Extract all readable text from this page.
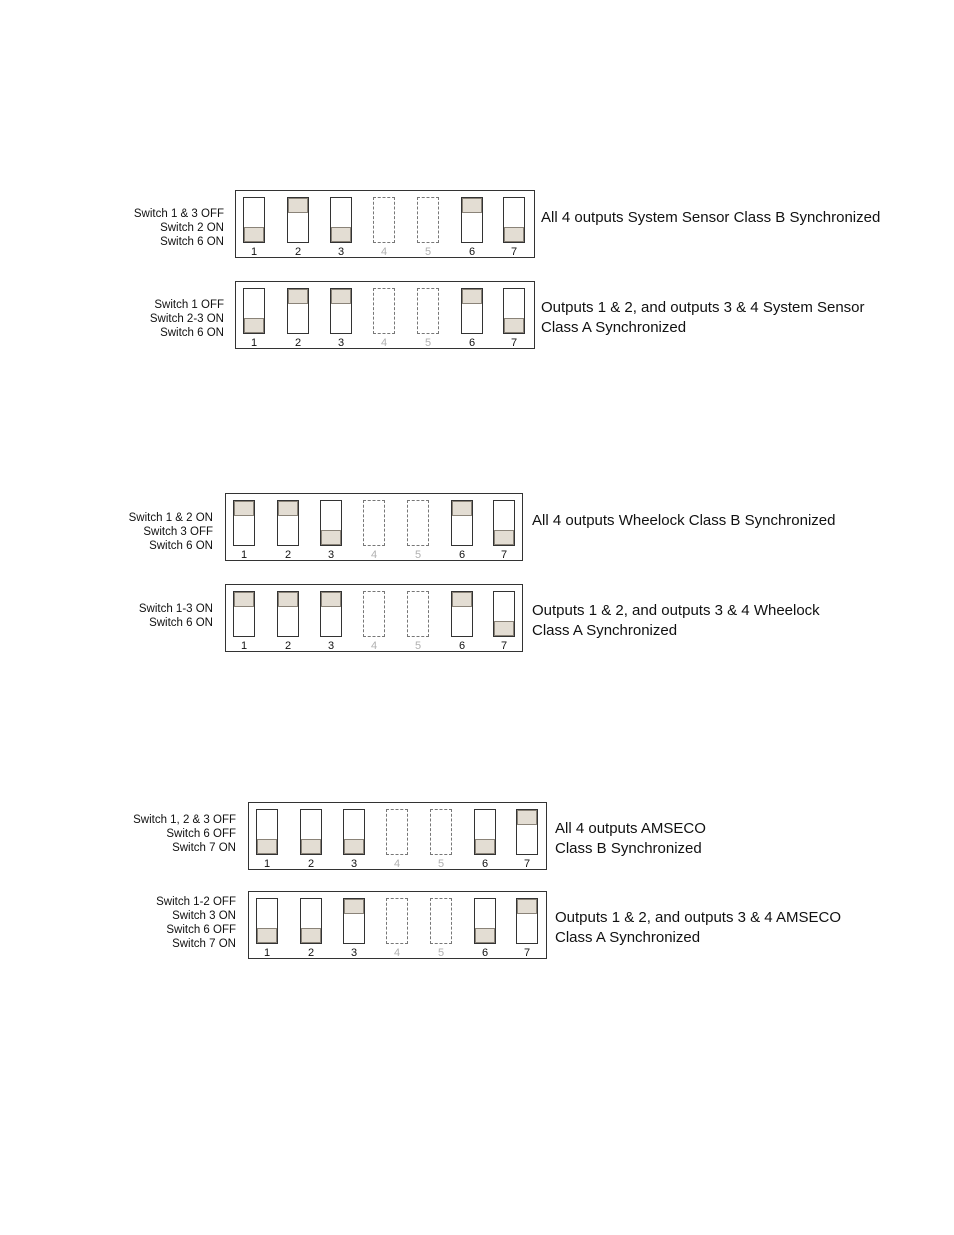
Switch 1 & 3 OFF
Switch 2 ON
Switch 6 ON
1	2	3	4	5	6	7
All 4 outputs System Sensor Class B Synchronized
Switch 1 OFF
Switch 2-3 ON
Switch 6 ON
1	2	3	4	5	6	7
Outputs 1 & 2, and outputs 3 & 4 System Sensor
Class A Synchronized
Switch 1 & 2 ON
Switch 3 OFF
Switch 6 ON
1	2	3	4	5	6	7
All 4 outputs Wheelock Class B Synchronized
Switch 1-3 ON
Switch 6 ON
1	2	3	4	5	6	7
Outputs 1 & 2, and outputs 3 & 4 Wheelock
Class A Synchronized
Switch 1, 2 & 3 OFF
Switch 6 OFF
Switch 7 ON
1	2	3	4	5	6	7
All 4 outputs AMSECO
Class B Synchronized
Switch 1-2 OFF
Switch 3 ON
Switch 6 OFF
Switch 7 ON
1	2	3	4	5	6	7
Outputs 1 & 2, and outputs 3 & 4 AMSECO
Class A Synchronized
